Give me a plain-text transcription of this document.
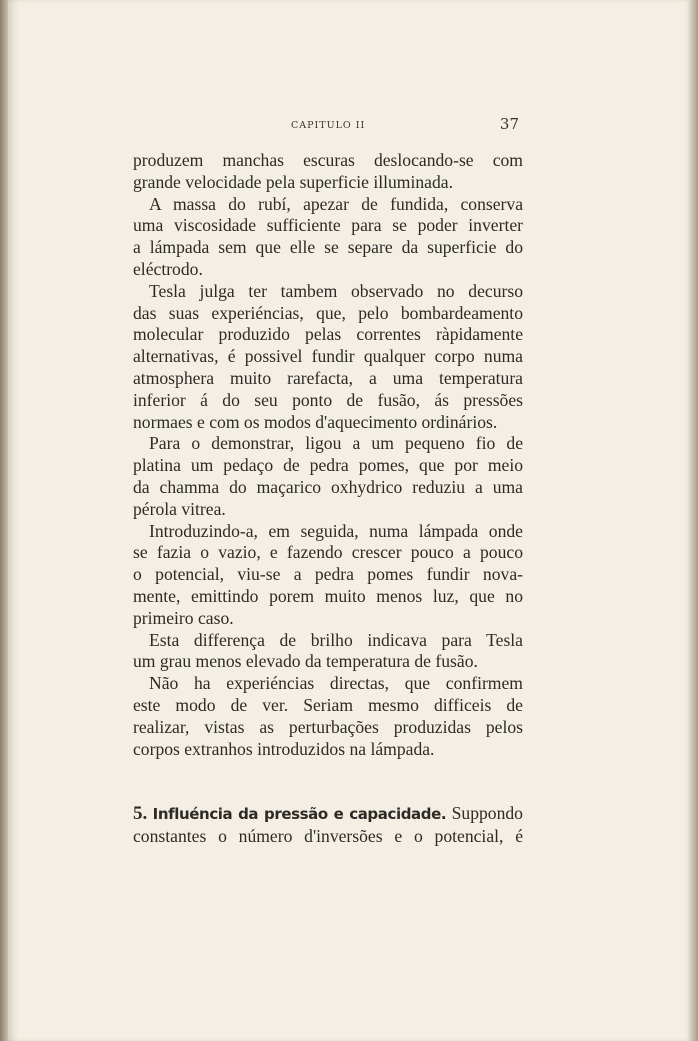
CAPITULO II	37
produzem manchas escuras deslocando-se com
grande velocidade pela superficie illuminada.
A massa do rubí, apezar de fundida, conserva
uma viscosidade sufficiente para se poder inverter
a lámpada sem que elle se separe da superficie do
eléctrodo.
Tesla julga ter tambem observado no decurso
das suas experiéncias, que, pelo bombardeamento
molecular produzido pelas correntes ràpidamente
alternativas, é possivel fundir qualquer corpo numa
atmosphera muito rarefacta, a uma temperatura
inferior á do seu ponto de fusão, ás pressões
normaes e com os modos d'aquecimento ordinários.
Para o demonstrar, ligou a um pequeno fio de
platina um pedaço de pedra pomes, que por meio
da chamma do maçarico oxhydrico reduziu a uma
pérola vitrea.
Introduzindo-a, em seguida, numa lámpada onde
se fazia o vazio, e fazendo crescer pouco a pouco
o potencial, viu-se a pedra pomes fundir nova-
mente, emittindo porem muito menos luz, que no
primeiro caso.
Esta differença de brilho indicava para Tesla
um grau menos elevado da temperatura de fusão.
Não ha experiéncias directas, que confirmem
este modo de ver. Seriam mesmo difficeis de
realizar, vistas as perturbações produzidas pelos
corpos extranhos introduzidos na lámpada.
5. Influéncia da pressão e capacidade. Suppondo
constantes o número d'inversões e o potencial, é
